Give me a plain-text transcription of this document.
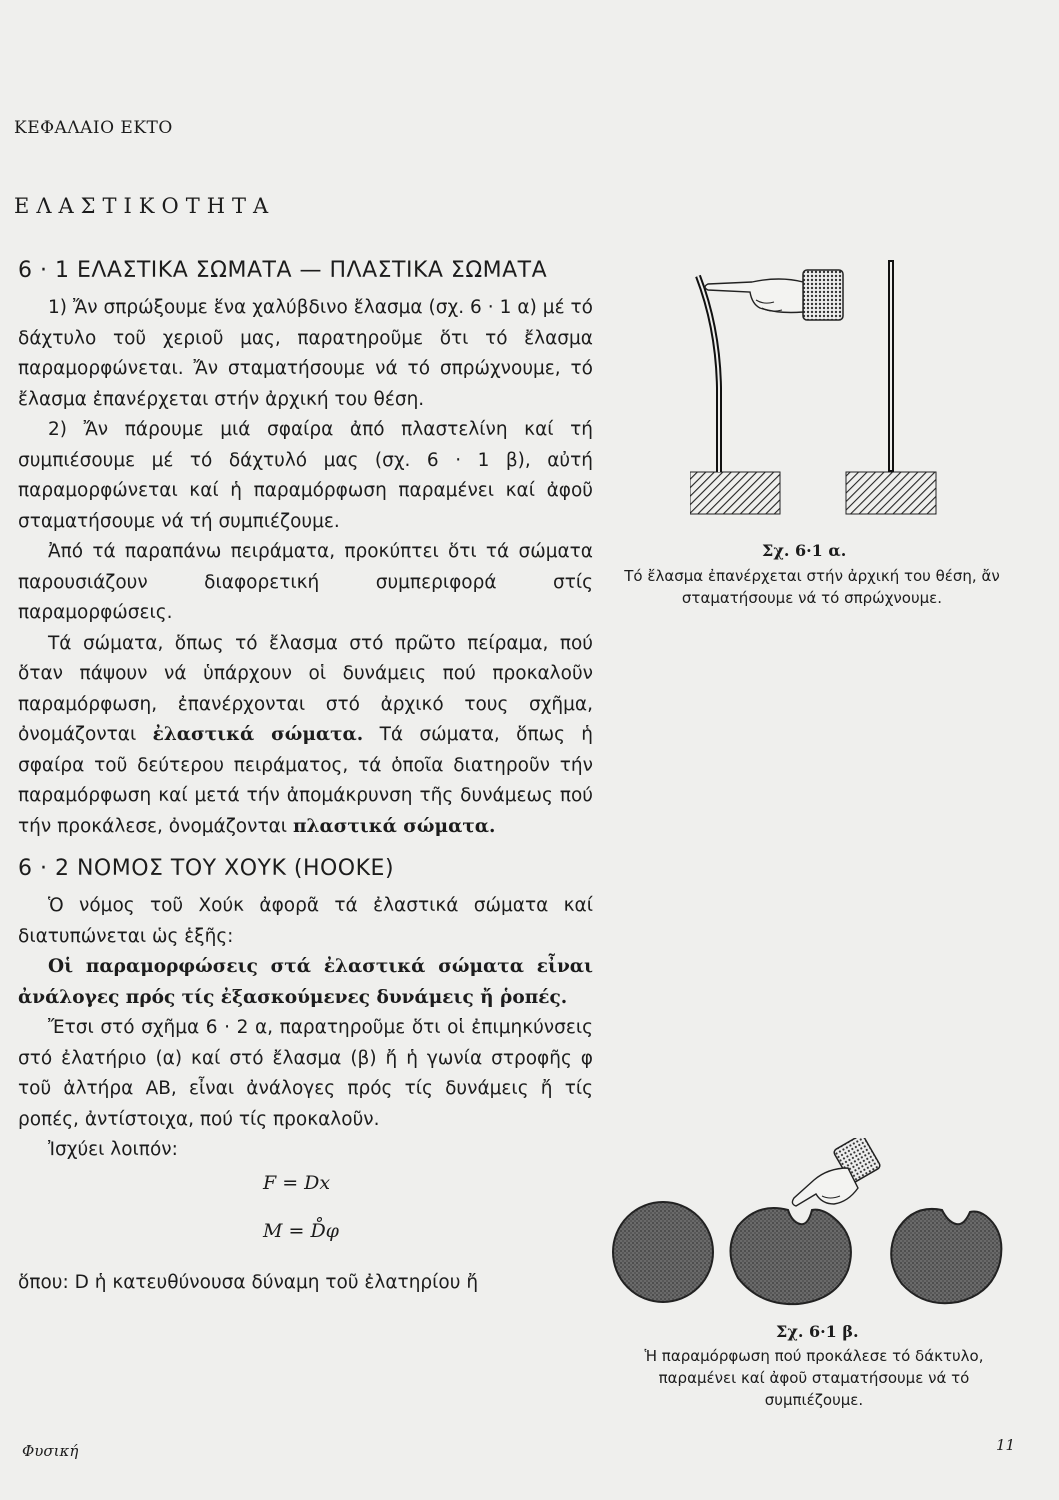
ΚΕΦΑΛΑΙΟ ΕΚΤΟ
ΕΛΑΣΤΙΚΟΤΗΤΑ
6 · 1 ΕΛΑΣΤΙΚΑ ΣΩΜΑΤΑ — ΠΛΑΣΤΙΚΑ ΣΩΜΑΤΑ

1) Ἄν σπρώξουμε ἕνα χαλύβδινο ἔλασμα (σχ. 6 · 1 α) μέ τό δάχτυλο τοῦ χεριοῦ μας, παρατηροῦμε ὅτι τό ἔλασμα παραμορφώνεται. Ἄν σταματήσουμε νά τό σπρώχνουμε, τό ἔλασμα ἐπανέρχεται στήν ἀρχική του θέση.

2) Ἄν πάρουμε μιά σφαίρα ἀπό πλαστελίνη καί τή συμπιέσουμε μέ τό δάχτυλό μας (σχ. 6 · 1 β), αὐτή παραμορφώνεται καί ἡ παραμόρφωση παραμένει καί ἀφοῦ σταματήσουμε νά τή συμπιέζουμε.

Ἀπό τά παραπάνω πειράματα, προκύπτει ὅτι τά σώματα παρουσιάζουν διαφορετική συμπεριφορά στίς παραμορφώσεις.

Τά σώματα, ὅπως τό ἔλασμα στό πρῶτο πείραμα, πού ὅταν πάψουν νά ὑπάρχουν οἱ δυνάμεις πού προκαλοῦν παραμόρφωση, ἐπανέρχονται στό ἀρχικό τους σχῆμα, ὀνομάζονται ἐλαστικά σώματα. Τά σώματα, ὅπως ἡ σφαίρα τοῦ δεύτερου πειράματος, τά ὁποῖα διατηροῦν τήν παραμόρφωση καί μετά τήν ἀπομάκρυνση τῆς δυνάμεως πού τήν προκάλεσε, ὀνομάζονται πλαστικά σώματα.

6 · 2 ΝΟΜΟΣ ΤΟΥ ΧΟΥΚ (HOOKE)

Ὁ νόμος τοῦ Χούκ ἀφορᾶ τά ἐλαστικά σώματα καί διατυπώνεται ὡς ἑξῆς:

Οἱ παραμορφώσεις στά ἐλαστικά σώματα εἶναι ἀνάλογες πρός τίς ἐξασκούμενες δυνάμεις ἤ ῥοπές.

Ἔτσι στό σχῆμα 6 · 2 α, παρατηροῦμε ὅτι οἱ ἐπιμηκύνσεις στό ἐλατήριο (α) καί στό ἔλασμα (β) ἤ ἡ γωνία στροφῆς φ τοῦ ἀλτήρα ΑΒ, εἶναι ἀνάλογες πρός τίς δυνάμεις ἤ τίς ροπές, ἀντίστοιχα, πού τίς προκαλοῦν.

Ἰσχύει λοιπόν:

F = Dx
M = D̊φ

ὅπου: D ἡ κατευθύνουσα δύναμη τοῦ ἐλατηρίου ἤ

Σχ. 6·1 α.
Τό ἔλασμα ἐπανέρχεται στήν ἀρχική του θέση, ἄν σταματήσουμε νά τό σπρώχνουμε.
Σχ. 6·1 β.
Ἡ παραμόρφωση πού προκάλεσε τό δάκτυλο, παραμένει καί ἀφοῦ σταματήσουμε νά τό συμπιέζουμε.
Φυσική	11
